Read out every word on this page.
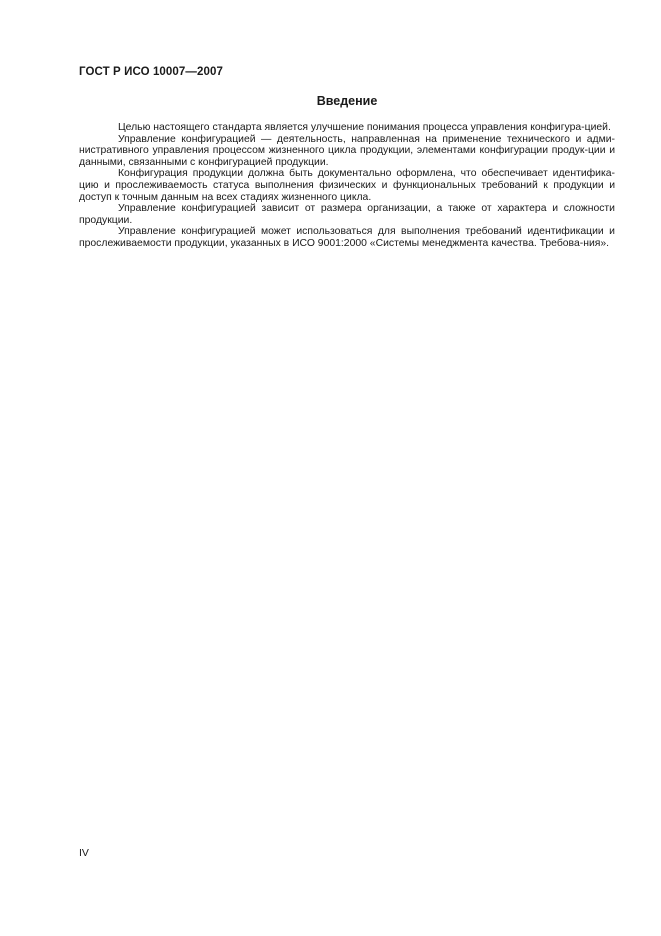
ГОСТ Р ИСО 10007—2007
Введение

Целью настоящего стандарта является улучшение понимания процесса управления конфигура-цией.

Управление конфигурацией — деятельность, направленная на применение технического и адми-нистративного управления процессом жизненного цикла продукции, элементами конфигурации продук-ции и данными, связанными с конфигурацией продукции.

Конфигурация продукции должна быть документально оформлена, что обеспечивает идентифика-цию и прослеживаемость статуса выполнения физических и функциональных требований к продукции и доступ к точным данным на всех стадиях жизненного цикла.

Управление конфигурацией зависит от размера организации, а также от характера и сложности продукции.

Управление конфигурацией может использоваться для выполнения требований идентификации и прослеживаемости продукции, указанных в ИСО 9001:2000 «Системы менеджмента качества. Требова-ния».

IV
